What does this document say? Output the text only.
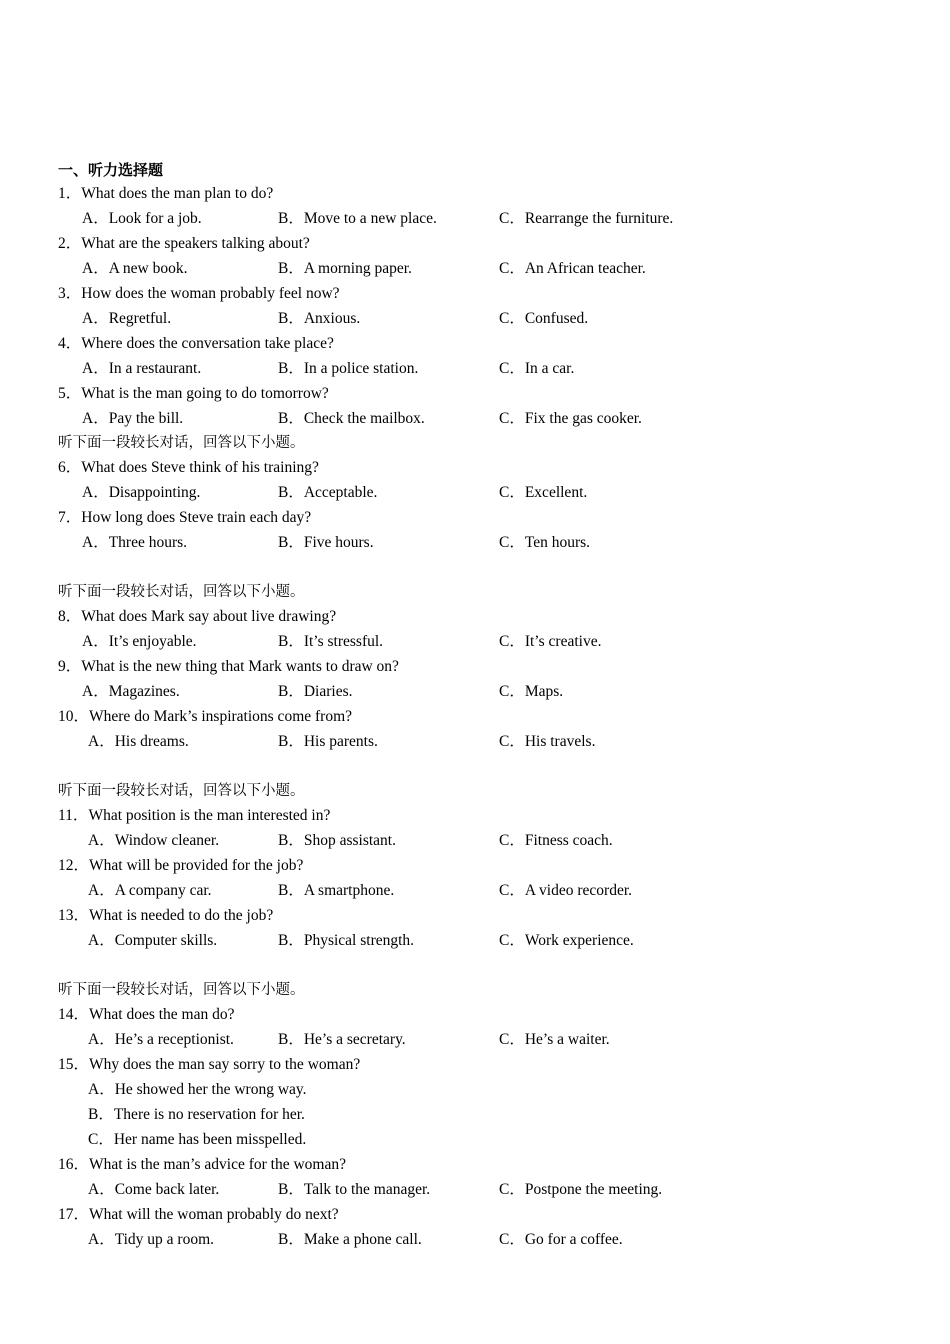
一、听力选择题
1．What does the man plan to do?
A．Look for a job.	B．Move to a new place.	C．Rearrange the furniture.
2．What are the speakers talking about?
A．A new book.	B．A morning paper.	C．An African teacher.
3．How does the woman probably feel now?
A．Regretful.	B．Anxious.	C．Confused.
4．Where does the conversation take place?
A．In a restaurant.	B．In a police station.	C．In a car.
5．What is the man going to do tomorrow?
A．Pay the bill.	B．Check the mailbox.	C．Fix the gas cooker.
听下面一段较长对话，回答以下小题。
6．What does Steve think of his training?
A．Disappointing.	B．Acceptable.	C．Excellent.
7．How long does Steve train each day?
A．Three hours.	B．Five hours.	C．Ten hours.
听下面一段较长对话，回答以下小题。
8．What does Mark say about live drawing?
A．It’s enjoyable.	B．It’s stressful.	C．It’s creative.
9．What is the new thing that Mark wants to draw on?
A．Magazines.	B．Diaries.	C．Maps.
10．Where do Mark’s inspirations come from?
A．His dreams.	B．His parents.	C．His travels.
听下面一段较长对话，回答以下小题。
11．What position is the man interested in?
A．Window cleaner.	B．Shop assistant.	C．Fitness coach.
12．What will be provided for the job?
A．A company car.	B．A smartphone.	C．A video recorder.
13．What is needed to do the job?
A．Computer skills.	B．Physical strength.	C．Work experience.
听下面一段较长对话，回答以下小题。
14．What does the man do?
A．He’s a receptionist.	B．He’s a secretary.	C．He’s a waiter.
15．Why does the man say sorry to the woman?
A．He showed her the wrong way.
B．There is no reservation for her.
C．Her name has been misspelled.
16．What is the man’s advice for the woman?
A．Come back later.	B．Talk to the manager.	C．Postpone the meeting.
17．What will the woman probably do next?
A．Tidy up a room.	B．Make a phone call.	C．Go for a coffee.
